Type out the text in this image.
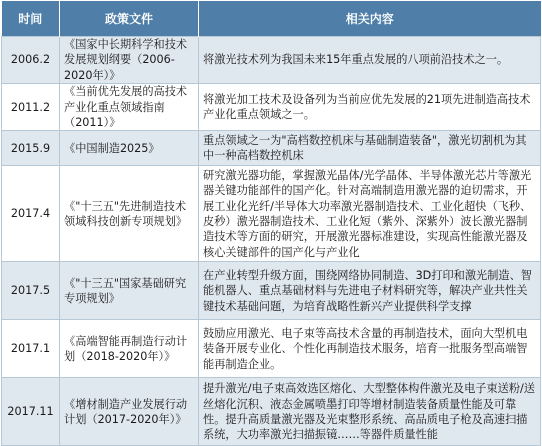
时间	政策文件	相关内容
2006.2	《国家中长期科学和技术发展规划纲要（2006-2020年）》	将激光技术列为我国未来15年重点发展的八项前沿技术之一。
2011.2	《当前优先发展的高技术产业化重点领域指南（2011）》	将激光加工技术及设备列为当前应优先发展的21项先进制造高技术产业化重点领域之一。
2015.9	《中国制造2025》	重点领域之一为"高档数控机床与基础制造装备"，激光切割机为其中一种高档数控机床
2017.4	《"十三五"先进制造技术领域科技创新专项规划》	研究激光器功能，掌握激光晶体/光学晶体、半导体激光芯片等激光器关键功能部件的国产化。针对高端制造用激光器的迫切需求，开展工业化光纤/半导体大功率激光器制造技术、工业化超快（飞秒、皮秒）激光器制造技术、工业化短（紫外、深紫外）波长激光器制造技术等方面的研究，开展激光器标准建设，实现高性能激光器及核心关键部件的国产化与产业化
2017.5	《"十三五"国家基础研究专项规划》	在产业转型升级方面，围绕网络协同制造、3D打印和激光制造、智能机器人、重点基础材料与先进电子材料研究等，解决产业共性关键技术基础问题，为培育战略性新兴产业提供科学支撑
2017.1	《高端智能再制造行动计划（2018-2020年）》	鼓励应用激光、电子束等高技术含量的再制造技术，面向大型机电装备开展专业化、个性化再制造技术服务，培育一批服务型高端智能再制造企业。
2017.11	《增材制造产业发展行动计划（2017-2020年）》	提升激光/电子束高效选区熔化、大型整体构件激光及电子束送粉/送丝熔化沉积、液态金属喷墨打印等增材制造装备质量性能及可靠性。提升高质量激光器及光束整形系统、高品质电子枪及高速扫描系统，大功率激光扫描振镜……等器件质量性能
